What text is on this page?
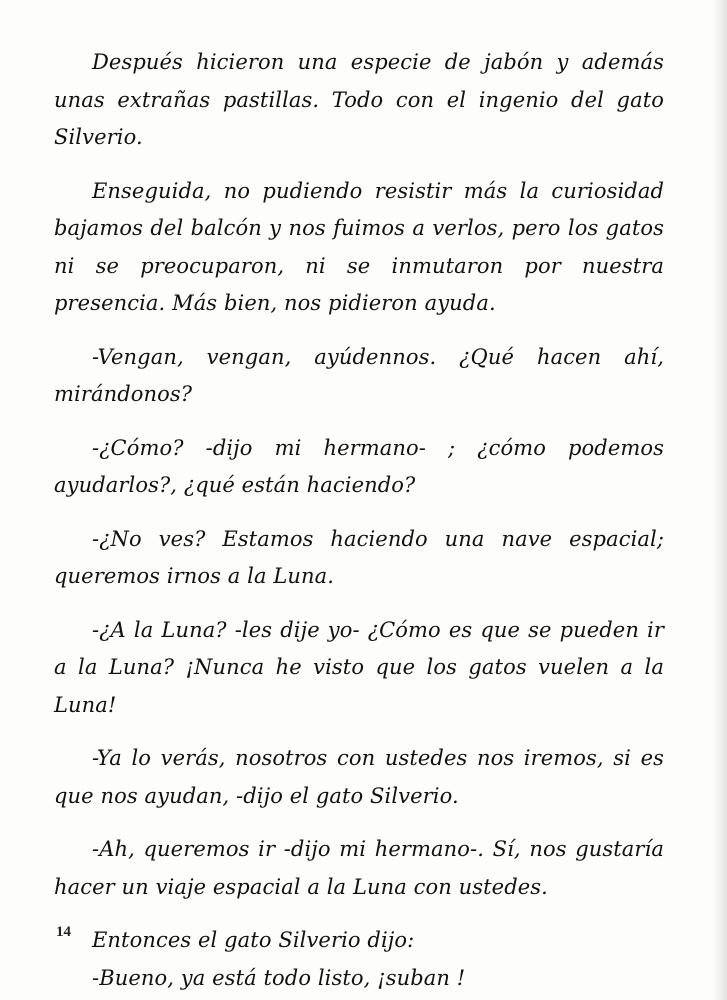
Después hicieron una especie de jabón y además unas extrañas pastillas. Todo con el ingenio del gato Silverio.

Enseguida, no pudiendo resistir más la curiosidad bajamos del balcón y nos fuimos a verlos, pero los gatos ni se preocuparon, ni se inmutaron por nuestra presencia. Más bien, nos pidieron ayuda.

-Vengan, vengan, ayúdennos. ¿Qué hacen ahí, mirándonos?

-¿Cómo? -dijo mi hermano- ; ¿cómo podemos ayudarlos?, ¿qué están haciendo?

-¿No ves? Estamos haciendo una nave espacial; queremos irnos a la Luna.

-¿A la Luna? -les dije yo- ¿Cómo es que se pueden ir a la Luna? ¡Nunca he visto que los gatos vuelen a la Luna!

-Ya lo verás, nosotros con ustedes nos iremos, si es que nos ayudan, -dijo el gato Silverio.

-Ah, queremos ir -dijo mi hermano-. Sí, nos gustaría hacer un viaje espacial a la Luna con ustedes.

Entonces el gato Silverio dijo:

-Bueno, ya está todo listo, ¡suban !

14
